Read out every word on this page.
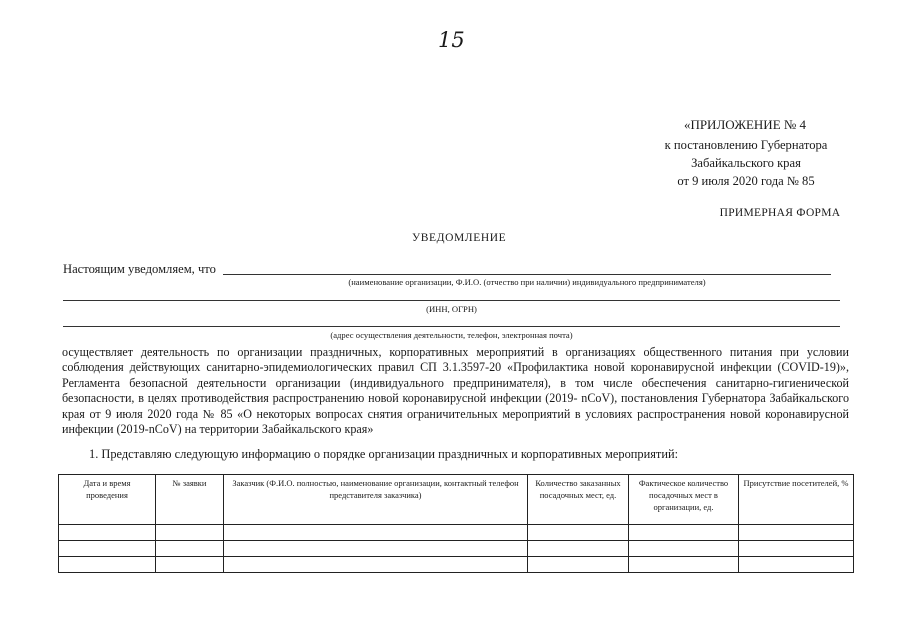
15
«ПРИЛОЖЕНИЕ № 4
к постановлению Губернатора
Забайкальского края
от 9 июля 2020 года № 85
ПРИМЕРНАЯ ФОРМА
УВЕДОМЛЕНИЕ
Настоящим уведомляем, что
(наименование организации, Ф.И.О. (отчество при наличии) индивидуального предпринимателя)
(ИНН, ОГРН)
(адрес осуществления деятельности, телефон, электронная почта)
осуществляет деятельность по организации праздничных, корпоративных мероприятий в организациях общественного питания при условии соблюдения действующих санитарно-эпидемиологических правил СП 3.1.3597-20 «Профилактика новой коронавирусной инфекции (COVID-19)», Регламента безопасной деятельности организации (индивидуального предпринимателя), в том числе обеспечения санитарно-гигиенической безопасности, в целях противодействия распространению новой коронавирусной инфекции (2019- nCoV), постановления Губернатора Забайкальского края от 9 июля 2020 года № 85 «О некоторых вопросах снятия ограничительных мероприятий в условиях распространения новой коронавирусной инфекции (2019-nCoV) на территории Забайкальского края»
1. Представляю следующую информацию о порядке организации праздничных и корпоративных мероприятий:
Дата и время проведения	№ заявки	Заказчик (Ф.И.О. полностью, наименование организации, контактный телефон представителя заказчика)	Количество заказанных посадочных мест, ед.	Фактическое количество посадочных мест в организации, ед.	Присутствие посетителей, %
